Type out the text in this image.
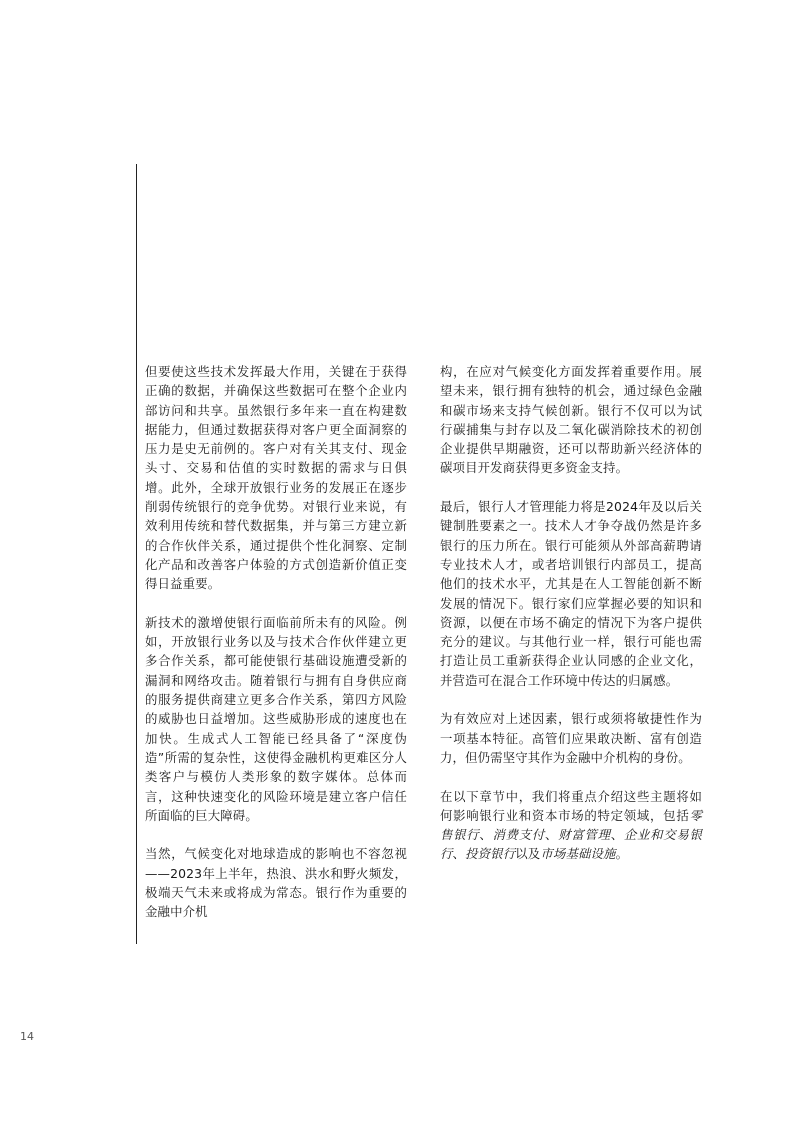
但要使这些技术发挥最大作用，关键在于获得正确的数据，并确保这些数据可在整个企业内部访问和共享。虽然银行多年来一直在构建数据能力，但通过数据获得对客户更全面洞察的压力是史无前例的。客户对有关其支付、现金头寸、交易和估值的实时数据的需求与日俱增。此外，全球开放银行业务的发展正在逐步削弱传统银行的竞争优势。对银行业来说，有效利用传统和替代数据集，并与第三方建立新的合作伙伴关系，通过提供个性化洞察、定制化产品和改善客户体验的方式创造新价值正变得日益重要。

新技术的激增使银行面临前所未有的风险。例如，开放银行业务以及与技术合作伙伴建立更多合作关系，都可能使银行基础设施遭受新的漏洞和网络攻击。随着银行与拥有自身供应商的服务提供商建立更多合作关系，第四方风险的威胁也日益增加。这些威胁形成的速度也在加快。生成式人工智能已经具备了“深度伪造”所需的复杂性，这使得金融机构更难区分人类客户与模仿人类形象的数字媒体。总体而言，这种快速变化的风险环境是建立客户信任所面临的巨大障碍。

当然，气候变化对地球造成的影响也不容忽视——2023年上半年，热浪、洪水和野火频发，极端天气未来或将成为常态。银行作为重要的金融中介机

构，在应对气候变化方面发挥着重要作用。展望未来，银行拥有独特的机会，通过绿色金融和碳市场来支持气候创新。银行不仅可以为试行碳捕集与封存以及二氧化碳消除技术的初创企业提供早期融资，还可以帮助新兴经济体的碳项目开发商获得更多资金支持。

最后，银行人才管理能力将是2024年及以后关键制胜要素之一。技术人才争夺战仍然是许多银行的压力所在。银行可能须从外部高薪聘请专业技术人才，或者培训银行内部员工，提高他们的技术水平，尤其是在人工智能创新不断发展的情况下。银行家们应掌握必要的知识和资源，以便在市场不确定的情况下为客户提供充分的建议。与其他行业一样，银行可能也需打造让员工重新获得企业认同感的企业文化，并营造可在混合工作环境中传达的归属感。

为有效应对上述因素，银行或须将敏捷性作为一项基本特征。高管们应果敢决断、富有创造力，但仍需坚守其作为金融中介机构的身份。

在以下章节中，我们将重点介绍这些主题将如何影响银行业和资本市场的特定领域，包括零售银行、消费支付、财富管理、企业和交易银行、投资银行以及市场基础设施。

14
